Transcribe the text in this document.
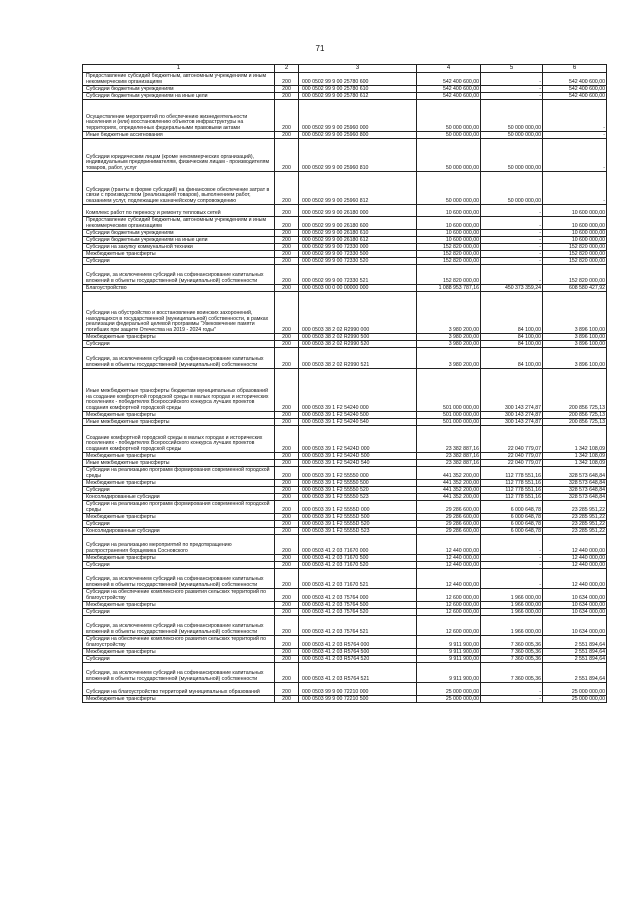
71
1	2	3	4	5	6
Предоставление субсидий бюджетным, автономным учреждениям и иным некоммерческим организациям	200	000 0502 99 9 00 25780 600	542 400 600,00	-	542 400 600,00
Субсидии бюджетным учреждениям	200	000 0502 99 9 00 25780 610	542 400 600,00	-	542 400 600,00
Субсидии бюджетным учреждениям на иные цели	200	000 0502 99 9 00 25780 612	542 400 600,00	-	542 400 600,00
Осуществление мероприятий по обеспечению жизнедеятельности населения и (или) восстановлению объектов инфраструктуры на территориях, определенных федеральными правовыми актами	200	000 0502 99 9 00 25960 000	50 000 000,00	50 000 000,00	-
Иные бюджетные ассигнования	200	000 0502 99 9 00 25960 800	50 000 000,00	50 000 000,00	-
Субсидии юридическим лицам (кроме некоммерческих организаций), индивидуальным предпринимателям, физическим лицам - производителям товаров, работ, услуг	200	000 0502 99 9 00 25960 810	50 000 000,00	50 000 000,00	-
Субсидии (гранты в форме субсидий) на финансовое обеспечение затрат в связи с производством (реализацией товаров), выполнением работ, оказанием услуг, подлежащие казначейскому сопровождению	200	000 0502 99 9 00 25960 812	50 000 000,00	50 000 000,00	-
Комплекс работ по переносу и ремонту тепловых сетей	200	000 0502 99 9 00 26180 000	10 600 000,00	-	10 600 000,00
Предоставление субсидий бюджетным, автономным учреждениям и иным некоммерческим организациям	200	000 0502 99 9 00 26180 600	10 600 000,00	-	10 600 000,00
Субсидии бюджетным учреждениям	200	000 0502 99 9 00 26180 610	10 600 000,00	-	10 600 000,00
Субсидии бюджетным учреждениям на иные цели	200	000 0502 99 9 00 26180 612	10 600 000,00	-	10 600 000,00
Субсидии на закупку коммунальной техники	200	000 0502 99 9 00 72330 000	152 820 000,00	-	152 820 000,00
Межбюджетные трансферты	200	000 0502 99 9 00 72330 500	152 820 000,00	-	152 820 000,00
Субсидии	200	000 0502 99 9 00 72330 520	152 820 000,00	-	152 820 000,00
Субсидии, за исключением субсидий на софинансирование капитальных вложений в объекты государственной (муниципальной) собственности	200	000 0502 99 9 00 72330 521	152 820 000,00	-	152 820 000,00
Благоустройство	200	000 0503 00 0 00 00000 000	1 088 953 787,16	450 373 359,24	608 580 427,92
Субсидии на обустройство и восстановление воинских захоронений, находящихся в государственной (муниципальной) собственности, в рамках реализации федеральной целевой программы "Увековечение памяти погибших при защите Отечества на 2019 - 2024 годы"	200	000 0503 38 2 02 R2990 000	3 980 200,00	84 100,00	3 896 100,00
Межбюджетные трансферты	200	000 0503 38 2 02 R2990 500	3 980 200,00	84 100,00	3 896 100,00
Субсидии	200	000 0503 38 2 02 R2990 520	3 980 200,00	84 100,00	3 896 100,00
Субсидии, за исключением субсидий на софинансирование капитальных вложений в объекты государственной (муниципальной) собственности	200	000 0503 38 2 02 R2990 521	3 980 200,00	84 100,00	3 896 100,00
Иные межбюджетные трансферты бюджетам муниципальных образований на создание комфортной городской среды в малых городах и исторических поселениях - победителях Всероссийского конкурса лучших проектов создания комфортной городской среды	200	000 0503 39 1 F2 54240 000	501 000 000,00	300 143 274,87	200 856 725,13
Межбюджетные трансферты	200	000 0503 39 1 F2 54240 500	501 000 000,00	300 143 274,87	200 856 725,13
Иные межбюджетные трансферты	200	000 0503 39 1 F2 54240 540	501 000 000,00	300 143 274,87	200 856 725,13
Создание комфортной городской среды в малых городах и исторических поселениях - победителях Всероссийского конкурса лучших проектов создания комфортной городской среды	200	000 0503 39 1 F2 5424D 000	23 382 887,16	22 040 779,07	1 342 108,09
Межбюджетные трансферты	200	000 0503 39 1 F2 5424D 500	23 382 887,16	22 040 779,07	1 342 108,09
Иные межбюджетные трансферты	200	000 0503 39 1 F2 5424D 540	23 382 887,16	22 040 779,07	1 342 108,09
Субсидии на реализацию программ формирования современной городской среды	200	000 0503 39 1 F2 55550 000	441 352 200,00	112 778 551,16	328 573 648,84
Межбюджетные трансферты	200	000 0503 39 1 F2 55550 500	441 352 200,00	112 778 551,16	328 573 648,84
Субсидии	200	000 0503 39 1 F2 55550 520	441 352 200,00	112 778 551,16	328 573 648,84
Консолидированные субсидии	200	000 0503 39 1 F2 55550 523	441 352 200,00	112 778 551,16	328 573 648,84
Субсидии на реализацию программ формирования современной городской среды	200	000 0503 39 1 F2 5555D 000	29 286 600,00	6 000 648,78	23 285 951,22
Межбюджетные трансферты	200	000 0503 39 1 F2 5555D 500	29 286 600,00	6 000 648,78	23 285 951,22
Субсидии	200	000 0503 39 1 F2 5555D 520	29 286 600,00	6 000 648,78	23 285 951,22
Консолидированные субсидии	200	000 0503 39 1 F2 5555D 523	29 286 600,00	6 000 648,78	23 285 951,22
Субсидии на реализацию мероприятий по предотвращению распространения борщевика Сосновского	200	000 0503 41 2 03 71670 000	12 440 000,00	-	12 440 000,00
Межбюджетные трансферты	200	000 0503 41 2 03 71670 500	12 440 000,00	-	12 440 000,00
Субсидии	200	000 0503 41 2 03 71670 520	12 440 000,00	-	12 440 000,00
Субсидии, за исключением субсидий на софинансирование капитальных вложений в объекты государственной (муниципальной) собственности	200	000 0503 41 2 03 71670 521	12 440 000,00	-	12 440 000,00
Субсидии на обеспечение комплексного развития сельских территорий по благоустройству	200	000 0503 41 2 03 75764 000	12 600 000,00	1 966 000,00	10 634 000,00
Межбюджетные трансферты	200	000 0503 41 2 03 75764 500	12 600 000,00	1 966 000,00	10 634 000,00
Субсидии	200	000 0503 41 2 03 75764 520	12 600 000,00	1 966 000,00	10 634 000,00
Субсидии, за исключением субсидий на софинансирование капитальных вложений в объекты государственной (муниципальной) собственности	200	000 0503 41 2 03 75764 521	12 600 000,00	1 966 000,00	10 634 000,00
Субсидии на обеспечение комплексного развития сельских территорий по благоустройству	200	000 0503 41 2 03 R5764 000	9 911 900,00	7 360 005,36	2 551 894,64
Межбюджетные трансферты	200	000 0503 41 2 03 R5764 500	9 911 900,00	7 360 005,36	2 551 894,64
Субсидии	200	000 0503 41 2 03 R5764 520	9 911 900,00	7 360 005,36	2 551 894,64
Субсидии, за исключением субсидий на софинансирование капитальных вложений в объекты государственной (муниципальной) собственности	200	000 0503 41 2 03 R5764 521	9 911 900,00	7 360 005,36	2 551 894,64
Субсидии на благоустройство территорий муниципальных образований	200	000 0503 99 9 00 72210 000	25 000 000,00	-	25 000 000,00
Межбюджетные трансферты	200	000 0503 99 9 00 72210 500	25 000 000,00	-	25 000 000,00
